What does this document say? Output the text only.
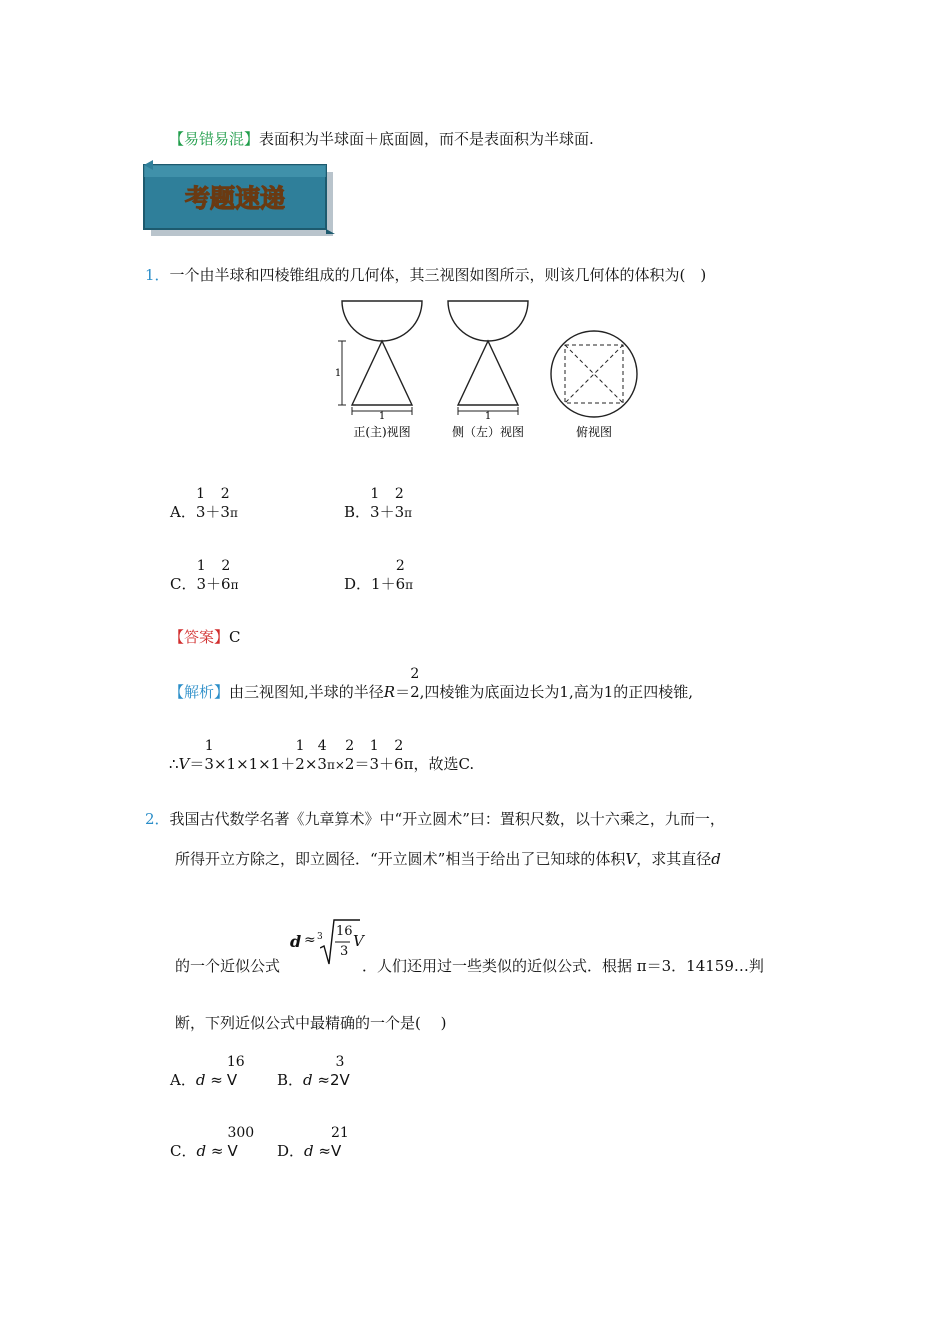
【易错易混】表面积为半球面＋底面圆，而不是表面积为半球面.
考题速递
1．一个由半球和四棱锥组成的几何体，其三视图如图所示，则该几何体的体积为(　)
1
1
正(主)视图
1
侧（左）视图	俯视图
A．
1
3＋
2
3π	B．
1
3＋
2
3π
C．
1
3＋
2
6π	D．1＋
2
6π
【答案】C
【解析】由三视图知,半球的半径R＝
2
2,四棱锥为底面边长为1,高为1的正四棱锥,
∴V＝
1
3×1×1×1＋
1
2×
4
3π×
2
2＝
1
3＋
2
6π，故选C.
2．我国古代数学名著《九章算术》中“开立圆术”曰：置积尺数，以十六乘之，九而一，
所得开立方除之，即立圆径．“开立圆术”相当于给出了已知球的体积V，求其直径d
d ≈ 3 16
3
V
的一个近似公式	．人们还用过一些类似的近似公式．根据 π＝3．14159…判
断，下列近似公式中最精确的一个是(　 )
A．d ≈
16
V	B．d ≈
3
2V
C．d ≈
300
V	D．d ≈
21
V
